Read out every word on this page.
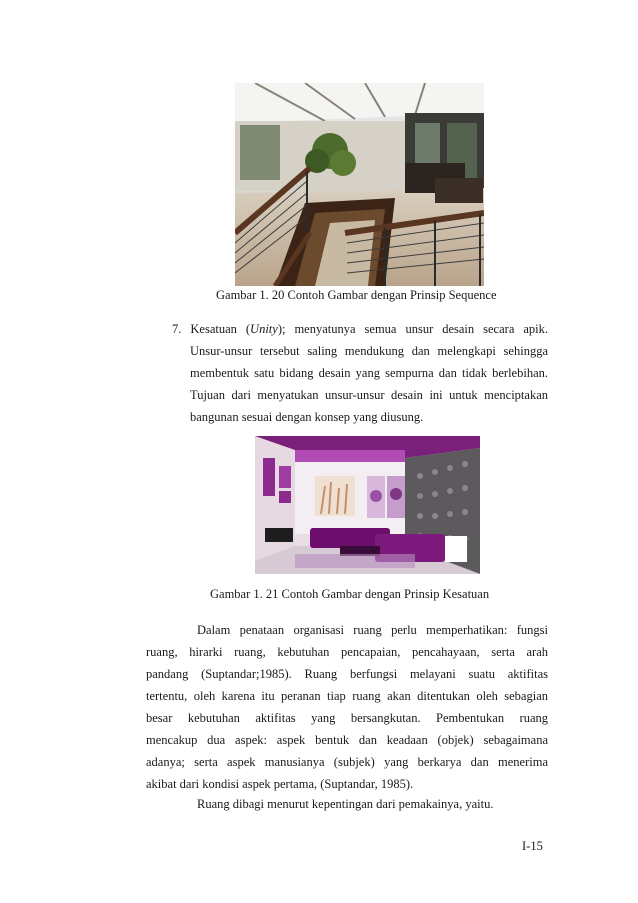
Gambar 1. 20 Contoh Gambar dengan Prinsip Sequence
7. Kesatuan (Unity); menyatunya semua unsur desain secara apik.
Unsur-unsur tersebut saling mendukung dan melengkapi sehingga
membentuk satu bidang desain yang sempurna dan tidak berlebihan.
Tujuan dari menyatukan unsur-unsur desain ini untuk menciptakan
bangunan sesuai dengan konsep yang diusung.
Gambar 1. 21 Contoh Gambar dengan Prinsip Kesatuan
Dalam penataan organisasi ruang perlu memperhatikan: fungsi
ruang, hirarki ruang, kebutuhan pencapaian, pencahayaan, serta arah
pandang (Suptandar;1985). Ruang berfungsi melayani suatu aktifitas
tertentu, oleh karena itu peranan tiap ruang akan ditentukan oleh sebagian
besar kebutuhan aktifitas yang bersangkutan. Pembentukan ruang
mencakup dua aspek: aspek bentuk dan keadaan (objek) sebagaimana
adanya; serta aspek manusianya (subjek) yang berkarya dan menerima
akibat dari kondisi aspek pertama, (Suptandar, 1985).
Ruang dibagi menurut kepentingan dari pemakainya, yaitu.
I-15
